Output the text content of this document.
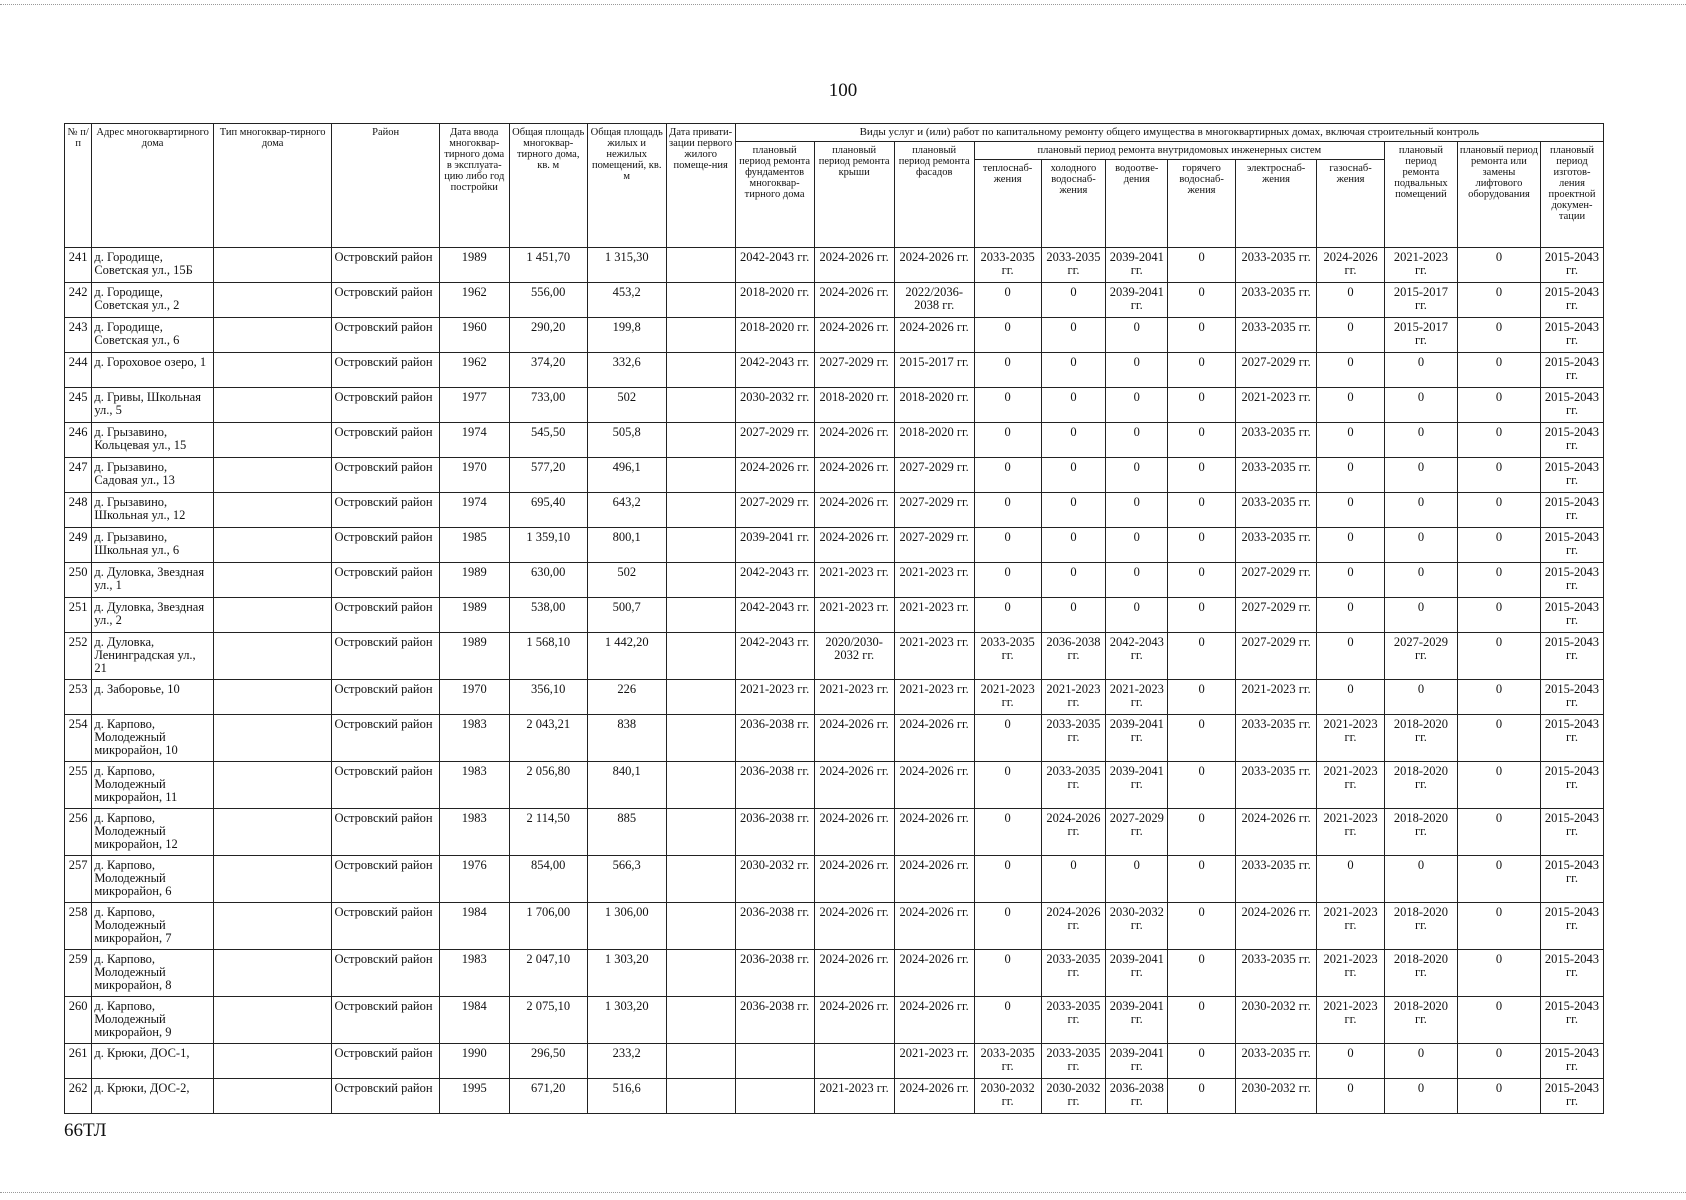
100
№ п/п	Адрес многоквартирного дома	Тип многоквар-тирного дома	Район	Дата ввода многоквар-тирного дома в эксплуата-цию либо год постройки	Общая площадь многоквар-тирного дома, кв. м	Общая площадь жилых и нежилых помещений, кв. м	Дата привати-зации первого жилого помеще-ния	Виды услуг и (или) работ по капитальному ремонту общего имущества в многоквартирных домах, включая строительный контроль											
								плановый период ремонта фундаментов многоквар-тирного дома	плановый период ремонта крыши	плановый период ремонта фасадов	плановый период ремонта внутридомовых инженерных систем						плановый период ремонта подвальных помещений	плановый период ремонта или замены лифтового оборудования	плановый период изготов-ления проектной докумен-тации
											теплоснаб-жения	холодного водоснаб-жения	водоотве-дения	горячего водоснаб-жения	электроснаб-жения	газоснаб-жения			
241	д. Городище, Советская ул., 15Б		Островский район	1989	1 451,70	1 315,30		2042-2043 гг.	2024-2026 гг.	2024-2026 гг.	2033-2035 гг.	2033-2035 гг.	2039-2041 гг.	0	2033-2035 гг.	2024-2026 гг.	2021-2023 гг.	0	2015-2043 гг.
242	д. Городище, Советская ул., 2		Островский район	1962	556,00	453,2		2018-2020 гг.	2024-2026 гг.	2022/2036-2038 гг.	0	0	2039-2041 гг.	0	2033-2035 гг.	0	2015-2017 гг.	0	2015-2043 гг.
243	д. Городище, Советская ул., 6		Островский район	1960	290,20	199,8		2018-2020 гг.	2024-2026 гг.	2024-2026 гг.	0	0	0	0	2033-2035 гг.	0	2015-2017 гг.	0	2015-2043 гг.
244	д. Гороховое озеро, 1		Островский район	1962	374,20	332,6		2042-2043 гг.	2027-2029 гг.	2015-2017 гг.	0	0	0	0	2027-2029 гг.	0	0	0	2015-2043 гг.
245	д. Гривы, Школьная ул., 5		Островский район	1977	733,00	502		2030-2032 гг.	2018-2020 гг.	2018-2020 гг.	0	0	0	0	2021-2023 гг.	0	0	0	2015-2043 гг.
246	д. Грызавино, Кольцевая ул., 15		Островский район	1974	545,50	505,8		2027-2029 гг.	2024-2026 гг.	2018-2020 гг.	0	0	0	0	2033-2035 гг.	0	0	0	2015-2043 гг.
247	д. Грызавино, Садовая ул., 13		Островский район	1970	577,20	496,1		2024-2026 гг.	2024-2026 гг.	2027-2029 гг.	0	0	0	0	2033-2035 гг.	0	0	0	2015-2043 гг.
248	д. Грызавино, Школьная ул., 12		Островский район	1974	695,40	643,2		2027-2029 гг.	2024-2026 гг.	2027-2029 гг.	0	0	0	0	2033-2035 гг.	0	0	0	2015-2043 гг.
249	д. Грызавино, Школьная ул., 6		Островский район	1985	1 359,10	800,1		2039-2041 гг.	2024-2026 гг.	2027-2029 гг.	0	0	0	0	2033-2035 гг.	0	0	0	2015-2043 гг.
250	д. Дуловка, Звездная ул., 1		Островский район	1989	630,00	502		2042-2043 гг.	2021-2023 гг.	2021-2023 гг.	0	0	0	0	2027-2029 гг.	0	0	0	2015-2043 гг.
251	д. Дуловка, Звездная ул., 2		Островский район	1989	538,00	500,7		2042-2043 гг.	2021-2023 гг.	2021-2023 гг.	0	0	0	0	2027-2029 гг.	0	0	0	2015-2043 гг.
252	д. Дуловка, Ленинградская ул., 21		Островский район	1989	1 568,10	1 442,20		2042-2043 гг.	2020/2030-2032 гг.	2021-2023 гг.	2033-2035 гг.	2036-2038 гг.	2042-2043 гг.	0	2027-2029 гг.	0	2027-2029 гг.	0	2015-2043 гг.
253	д. Заборовье, 10		Островский район	1970	356,10	226		2021-2023 гг.	2021-2023 гг.	2021-2023 гг.	2021-2023 гг.	2021-2023 гг.	2021-2023 гг.	0	2021-2023 гг.	0	0	0	2015-2043 гг.
254	д. Карпово, Молодежный микрорайон, 10		Островский район	1983	2 043,21	838		2036-2038 гг.	2024-2026 гг.	2024-2026 гг.	0	2033-2035 гг.	2039-2041 гг.	0	2033-2035 гг.	2021-2023 гг.	2018-2020 гг.	0	2015-2043 гг.
255	д. Карпово, Молодежный микрорайон, 11		Островский район	1983	2 056,80	840,1		2036-2038 гг.	2024-2026 гг.	2024-2026 гг.	0	2033-2035 гг.	2039-2041 гг.	0	2033-2035 гг.	2021-2023 гг.	2018-2020 гг.	0	2015-2043 гг.
256	д. Карпово, Молодежный микрорайон, 12		Островский район	1983	2 114,50	885		2036-2038 гг.	2024-2026 гг.	2024-2026 гг.	0	2024-2026 гг.	2027-2029 гг.	0	2024-2026 гг.	2021-2023 гг.	2018-2020 гг.	0	2015-2043 гг.
257	д. Карпово, Молодежный микрорайон, 6		Островский район	1976	854,00	566,3		2030-2032 гг.	2024-2026 гг.	2024-2026 гг.	0	0	0	0	2033-2035 гг.	0	0	0	2015-2043 гг.
258	д. Карпово, Молодежный микрорайон, 7		Островский район	1984	1 706,00	1 306,00		2036-2038 гг.	2024-2026 гг.	2024-2026 гг.	0	2024-2026 гг.	2030-2032 гг.	0	2024-2026 гг.	2021-2023 гг.	2018-2020 гг.	0	2015-2043 гг.
259	д. Карпово, Молодежный микрорайон, 8		Островский район	1983	2 047,10	1 303,20		2036-2038 гг.	2024-2026 гг.	2024-2026 гг.	0	2033-2035 гг.	2039-2041 гг.	0	2033-2035 гг.	2021-2023 гг.	2018-2020 гг.	0	2015-2043 гг.
260	д. Карпово, Молодежный микрорайон, 9		Островский район	1984	2 075,10	1 303,20		2036-2038 гг.	2024-2026 гг.	2024-2026 гг.	0	2033-2035 гг.	2039-2041 гг.	0	2030-2032 гг.	2021-2023 гг.	2018-2020 гг.	0	2015-2043 гг.
261	д. Крюки, ДОС-1,		Островский район	1990	296,50	233,2				2021-2023 гг.	2033-2035 гг.	2033-2035 гг.	2039-2041 гг.	0	2033-2035 гг.	0	0	0	2015-2043 гг.
262	д. Крюки, ДОС-2,		Островский район	1995	671,20	516,6			2021-2023 гг.	2024-2026 гг.	2030-2032 гг.	2030-2032 гг.	2036-2038 гг.	0	2030-2032 гг.	0	0	0	2015-2043 гг.
66ТЛ
